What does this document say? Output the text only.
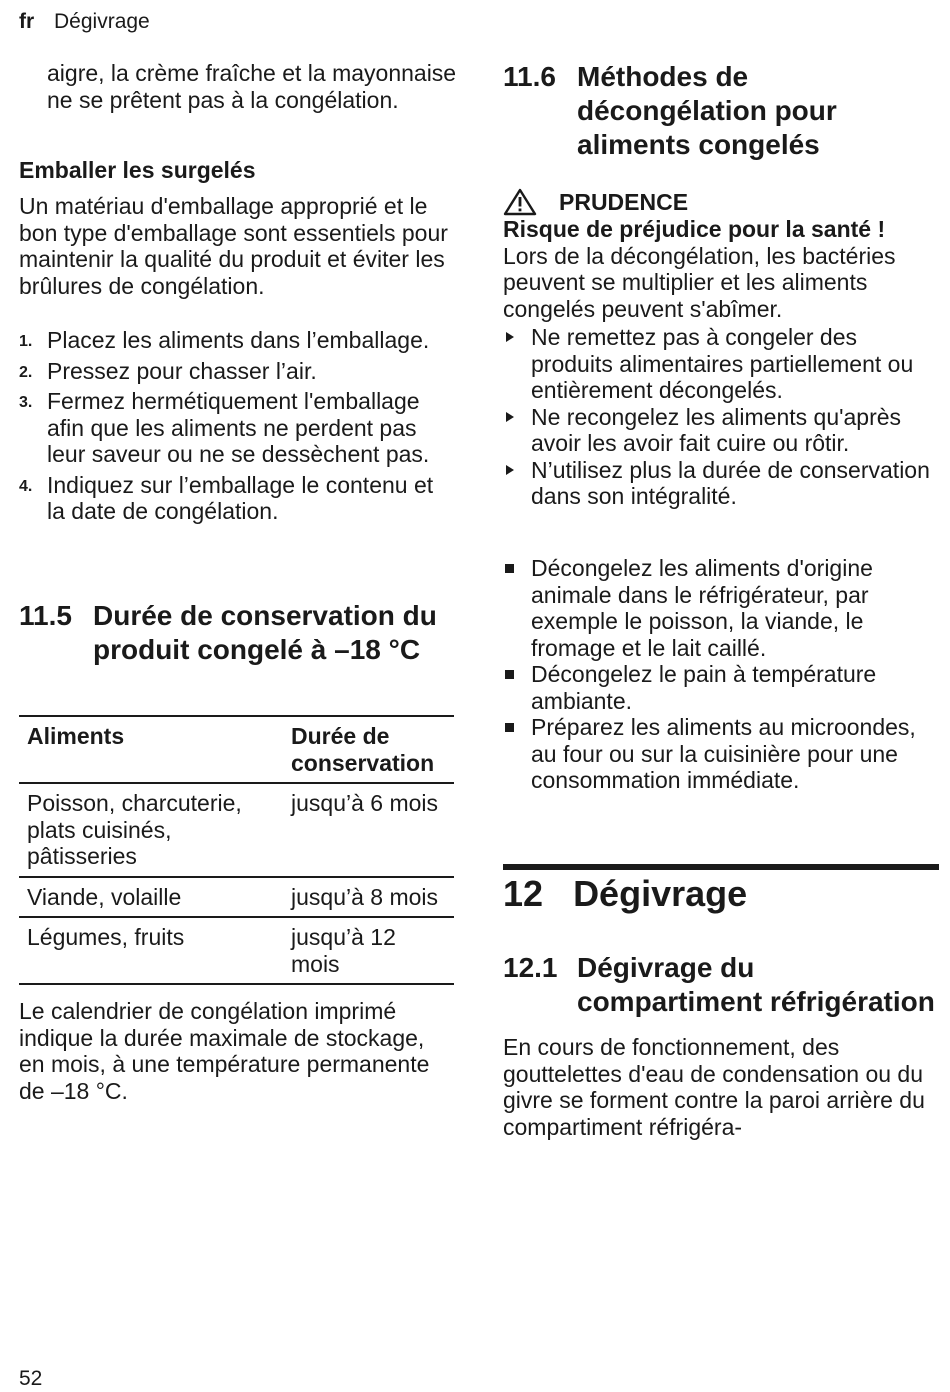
fr Dégivrage
aigre, la crème fraîche et la mayonnaise ne se prêtent pas à la congélation.
Emballer les surgelés
Un matériau d'emballage approprié et le bon type d'emballage sont essentiels pour maintenir la qualité du produit et éviter les brûlures de congélation.
1. Placez les aliments dans l’emballage.
2. Pressez pour chasser l’air.
3. Fermez hermétiquement l'emballage afin que les aliments ne perdent pas leur saveur ou ne se dessèchent pas.
4. Indiquez sur l’emballage le contenu et la date de congélation.
11.5 Durée de conservation du produit congelé à –18 °C
Aliments	Durée de conservation
Poisson, charcuterie, plats cuisinés, pâtisseries	jusqu’à 6 mois
Viande, volaille	jusqu’à 8 mois
Légumes, fruits	jusqu’à 12 mois
Le calendrier de congélation imprimé indique la durée maximale de stockage, en mois, à une température permanente de –18 °C.
11.6 Méthodes de décongélation pour aliments congelés
PRUDENCE
Risque de préjudice pour la santé !
Lors de la décongélation, les bactéries peuvent se multiplier et les aliments congelés peuvent s'abîmer.
Ne remettez pas à congeler des produits alimentaires partiellement ou entièrement décongelés.
Ne recongelez les aliments qu'après avoir les avoir fait cuire ou rôtir.
N’utilisez plus la durée de conservation dans son intégralité.
Décongelez les aliments d'origine animale dans le réfrigérateur, par exemple le poisson, la viande, le fromage et le lait caillé.
Décongelez le pain à température ambiante.
Préparez les aliments au microondes, au four ou sur la cuisinière pour une consommation immédiate.
12 Dégivrage
12.1 Dégivrage du compartiment réfrigération
En cours de fonctionnement, des gouttelettes d'eau de condensation ou du givre se forment contre la paroi arrière du compartiment réfrigéra-
52
